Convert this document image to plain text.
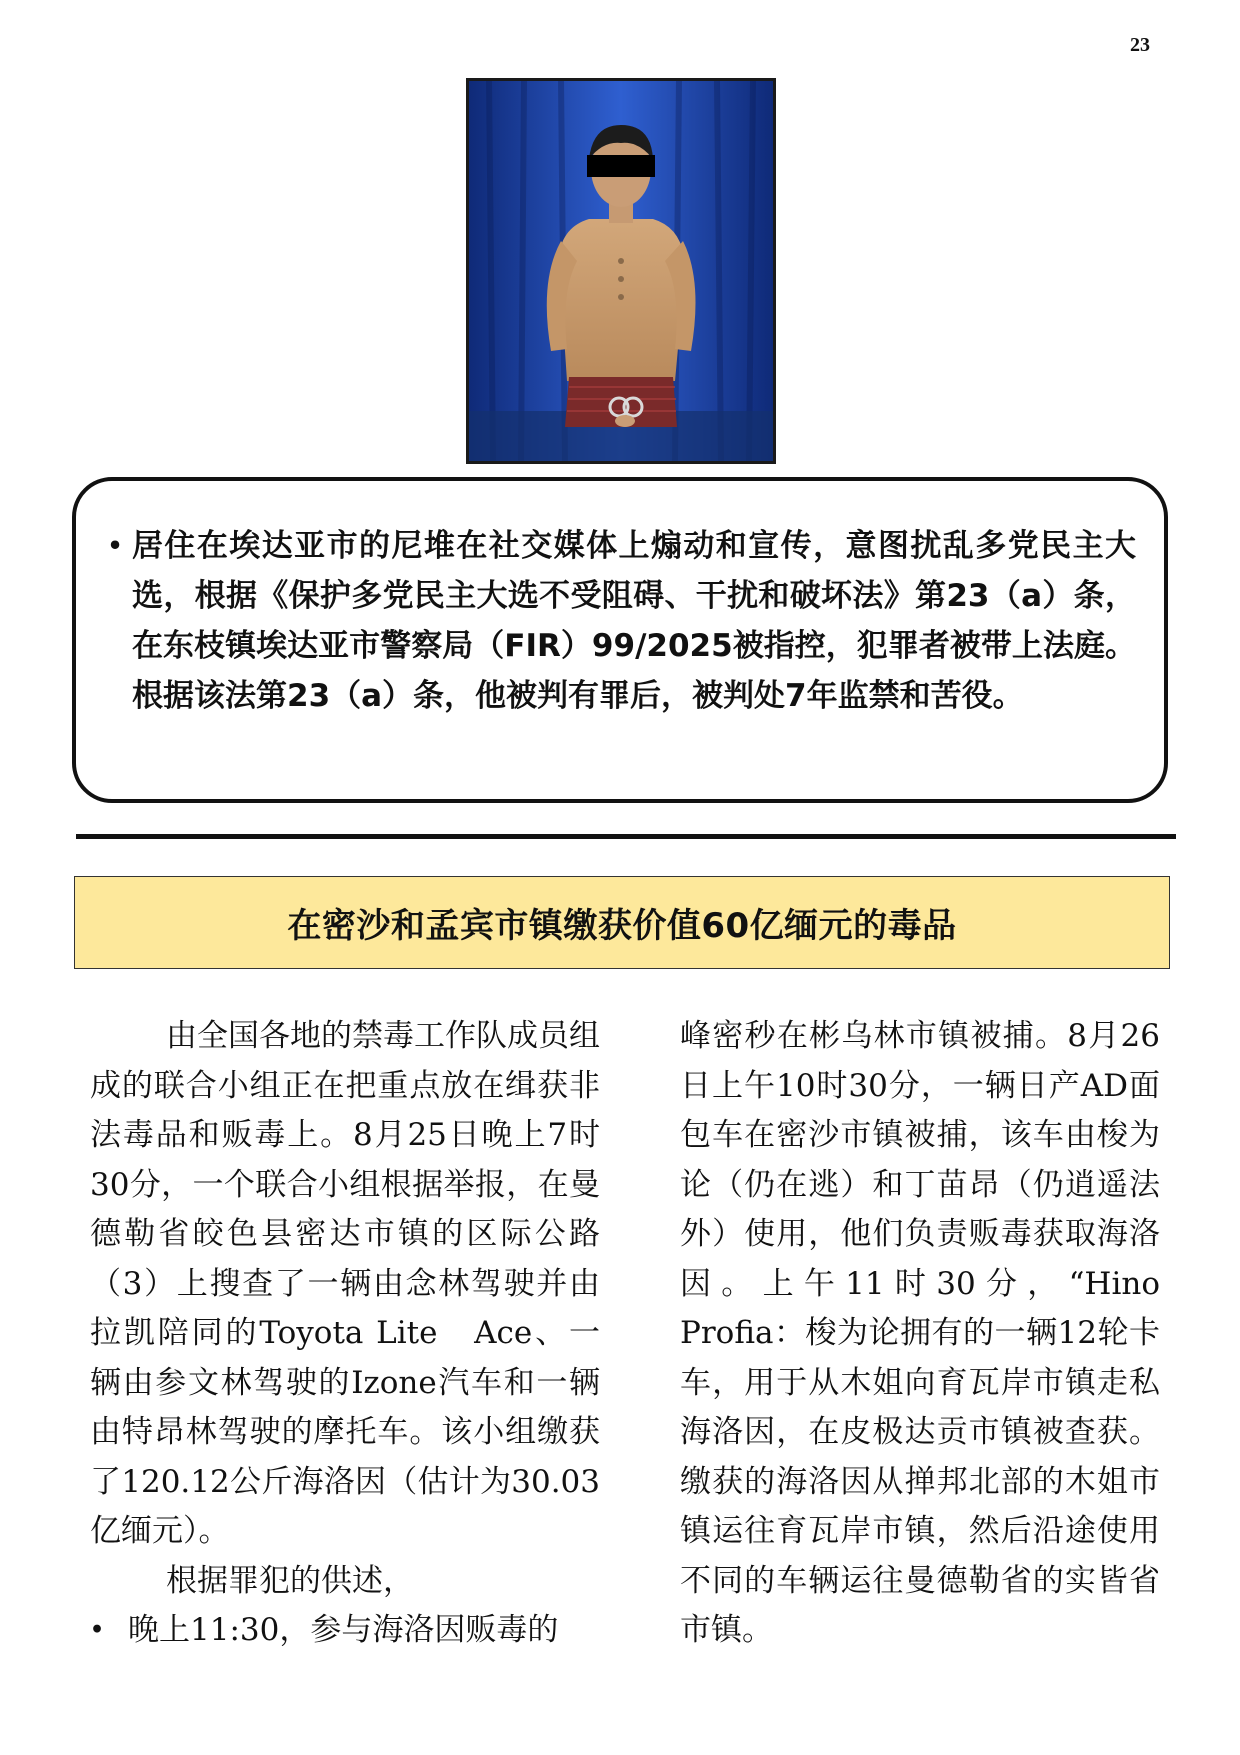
23
• 居住在埃达亚市的尼堆在社交媒体上煽动和宣传，意图扰乱多党民主大选，根据《保护多党民主大选不受阻碍、干扰和破坏法》第23（a）条，在东枝镇埃达亚市警察局（FIR）99/2025被指控，犯罪者被带上法庭。根据该法第23（a）条，他被判有罪后，被判处7年监禁和苦役。

在密沙和孟宾市镇缴获价值60亿缅元的毒品

由全国各地的禁毒工作队成员组成的联合小组正在把重点放在缉获非法毒品和贩毒上。8月25日晚上7时30分，一个联合小组根据举报，在曼德勒省皎色县密达市镇的区际公路（3）上搜查了一辆由念林驾驶并由拉凯陪同的Toyota Lite　Ace、一辆由参文林驾驶的Izone汽车和一辆由特昂林驾驶的摩托车。该小组缴获了120.12公斤海洛因（估计为30.03亿缅元）。

根据罪犯的供述，

• 晚上11:30，参与海洛因贩毒的

峰密秒在彬乌林市镇被捕。8月26日上午10时30分，一辆日产AD面包车在密沙市镇被捕，该车由梭为论（仍在逃）和丁苗昂（仍逍遥法外）使用，他们负责贩毒获取海洛因。上午11时30分，“Hino　Profia：梭为论拥有的一辆12轮卡车，用于从木姐向育瓦岸市镇走私海洛因，在皮极达贡市镇被查获。缴获的海洛因从掸邦北部的木姐市镇运往育瓦岸市镇，然后沿途使用不同的车辆运往曼德勒省的实皆省市镇。
